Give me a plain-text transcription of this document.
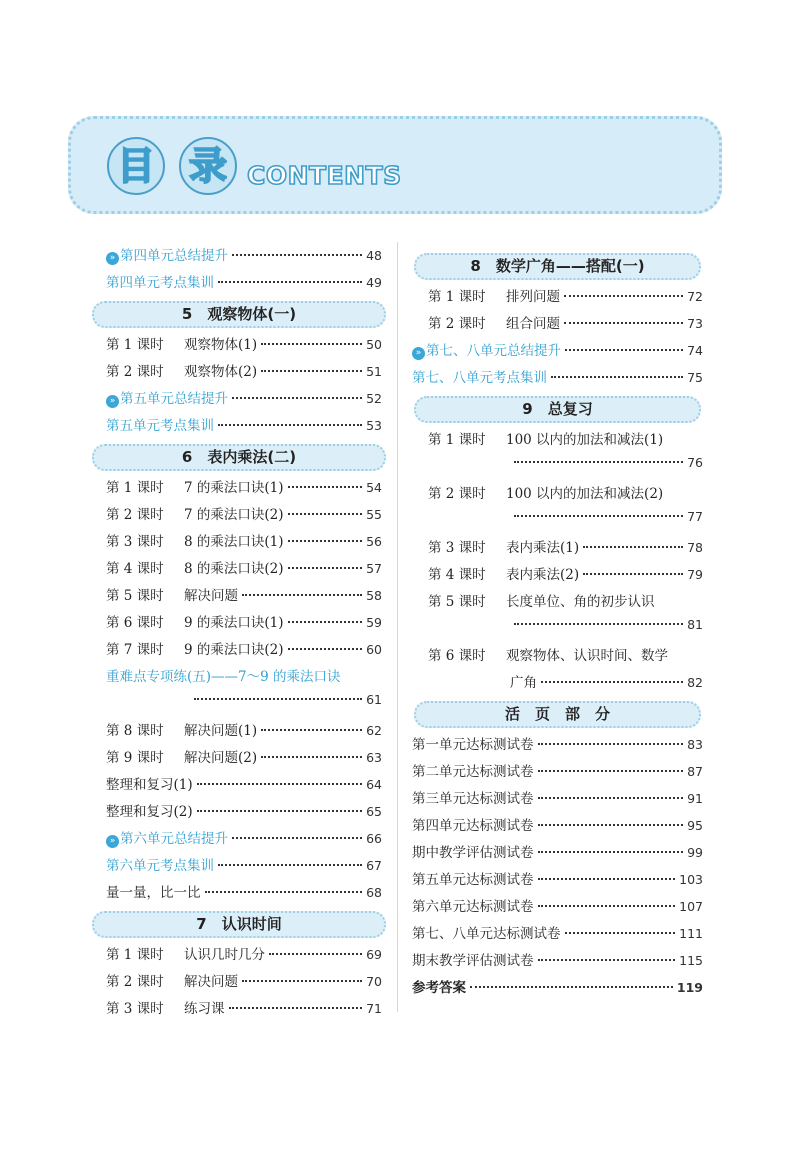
目 录 CONTENTS
» 第四单元总结提升	48
第四单元考点集训	49
5　观察物体(一)
第 1 课时	观察物体(1)	50
第 2 课时	观察物体(2)	51
» 第五单元总结提升	52
第五单元考点集训	53
6　表内乘法(二)
第 1 课时	7 的乘法口诀(1)	54
第 2 课时	7 的乘法口诀(2)	55
第 3 课时	8 的乘法口诀(1)	56
第 4 课时	8 的乘法口诀(2)	57
第 5 课时	解决问题	58
第 6 课时	9 的乘法口诀(1)	59
第 7 课时	9 的乘法口诀(2)	60
重难点专项练(五)——7～9 的乘法口诀
61
第 8 课时	解决问题(1)	62
第 9 课时	解决问题(2)	63
整理和复习(1)	64
整理和复习(2)	65
» 第六单元总结提升	66
第六单元考点集训	67
量一量，比一比	68
7　认识时间
第 1 课时	认识几时几分	69
第 2 课时	解决问题	70
第 3 课时	练习课	71
8　数学广角——搭配(一)
第 1 课时	排列问题	72
第 2 课时	组合问题	73
» 第七、八单元总结提升	74
第七、八单元考点集训	75
9　总复习
第 1 课时	100 以内的加法和减法(1)
76
第 2 课时	100 以内的加法和减法(2)
77
第 3 课时	表内乘法(1)	78
第 4 课时	表内乘法(2)	79
第 5 课时	长度单位、角的初步认识
81
第 6 课时	观察物体、认识时间、数学
广角	82
活　页　部　分
第一单元达标测试卷	83
第二单元达标测试卷	87
第三单元达标测试卷	91
第四单元达标测试卷	95
期中教学评估测试卷	99
第五单元达标测试卷	103
第六单元达标测试卷	107
第七、八单元达标测试卷	111
期末教学评估测试卷	115
参考答案	119
